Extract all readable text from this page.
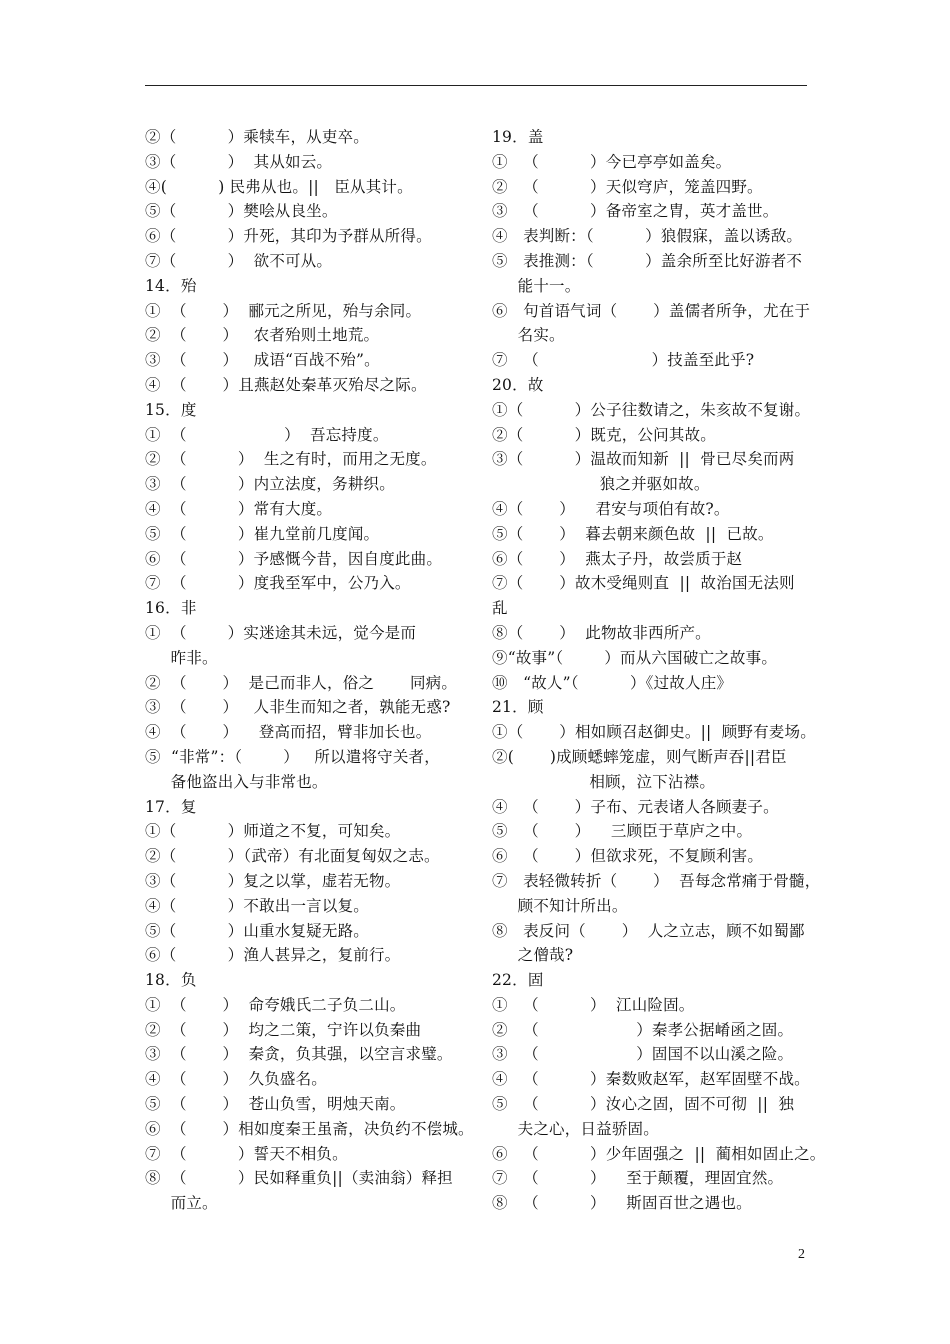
②（          ）乘犊车，从吏卒。
③（          ）  其从如云。
④(          ) 民弗从也。||   臣从其计。
⑤（          ）樊哙从良坐。
⑥（          ）升死，其印为予群从所得。
⑦（          ）  欲不可从。
14．殆
①  （       ）  郦元之所见，殆与余同。
②  （       ）   农者殆则土地荒。
③  （       ）   成语“百战不殆”。
④  （       ）且燕赵处秦革灭殆尽之际。
15．度
①  （                   ）  吾忘持度。
②  （          ）  生之有时，而用之无度。
③  （          ）内立法度，务耕织。
④  （          ）常有大度。
⑤  （          ）崔九堂前几度闻。
⑥  （          ）予感慨今昔，因自度此曲。
⑦  （          ）度我至军中，公乃入。
16．非
①  （        ）实迷途其未远，觉今是而
昨非。
②  （       ）  是己而非人，俗之       同病。
③  （       ）   人非生而知之者，孰能无惑?
④  （       ）    登高而招，臂非加长也。
⑤  “非常”：（        ）   所以遣将守关者，
备他盗出入与非常也。
17．复
①（          ）师道之不复，可知矣。
②（          ）（武帝）有北面复匈奴之志。
③（          ）复之以掌，虚若无物。
④（          ）不敢出一言以复。
⑤（          ）山重水复疑无路。
⑥（          ）渔人甚异之，复前行。
18．负
①  （       ）  命夸娥氏二子负二山。
②  （       ）  均之二策，宁许以负秦曲
③  （       ）  秦贪，负其强，以空言求璧。
④  （       ）  久负盛名。
⑤  （       ）  苍山负雪，明烛天南。
⑥  （       ）相如度秦王虽斋，决负约不偿城。
⑦  （          ）誓天不相负。
⑧  （          ）民如释重负||（卖油翁）释担
而立。
19．盖
①   （          ）今已亭亭如盖矣。
②   （          ）天似穹庐，笼盖四野。
③   （          ）备帝室之胄，英才盖世。
④   表判断：（          ）狼假寐，盖以诱敌。
⑤   表推测：（          ）盖余所至比好游者不
能十一。
⑥   句首语气词（       ）盖儒者所争，尤在于
名实。
⑦   （                      ）技盖至此乎?
20．故
①（          ）公子往数请之，朱亥故不复谢。
②（          ）既克，公问其故。
③（          ）温故而知新  ||  骨已尽矣而两
狼之并驱如故。
④（       ）    君安与项伯有故?。
⑤（       ）  暮去朝来颜色故  ||  已故。
⑥（       ）  燕太子丹，故尝质于赵
⑦（       ）故木受绳则直  ||  故治国无法则
乱
⑧（       ）  此物故非西所产。
⑨“故事”（        ）而从六国破亡之故事。
⑩   “故人”（          ）《过故人庄》
21．顾
①（       ）相如顾召赵御史。||  顾野有麦场。
②(       )成顾蟋蟀笼虚，则气断声吞||君臣
相顾，泣下沾襟。
④   （       ）子布、元表诸人各顾妻子。
⑤   （       ）    三顾臣于草庐之中。
⑥   （       ）但欲求死，不复顾利害。
⑦   表轻微转折（       ）  吾每念常痛于骨髓，
顾不知计所出。
⑧   表反问（       ）  人之立志，顾不如蜀鄙
之僧哉?
22．固
①   （          ）  江山险固。
②   （                   ）秦孝公据崤函之固。
③   （                   ）固国不以山溪之险。
④   （          ）秦数败赵军，赵军固壁不战。
⑤   （          ）汝心之固，固不可彻  ||  独
夫之心，日益骄固。
⑥   （          ）少年固强之  ||  蔺相如固止之。
⑦   （          ）    至于颠覆，理固宜然。
⑧   （          ）    斯固百世之遇也。
2
